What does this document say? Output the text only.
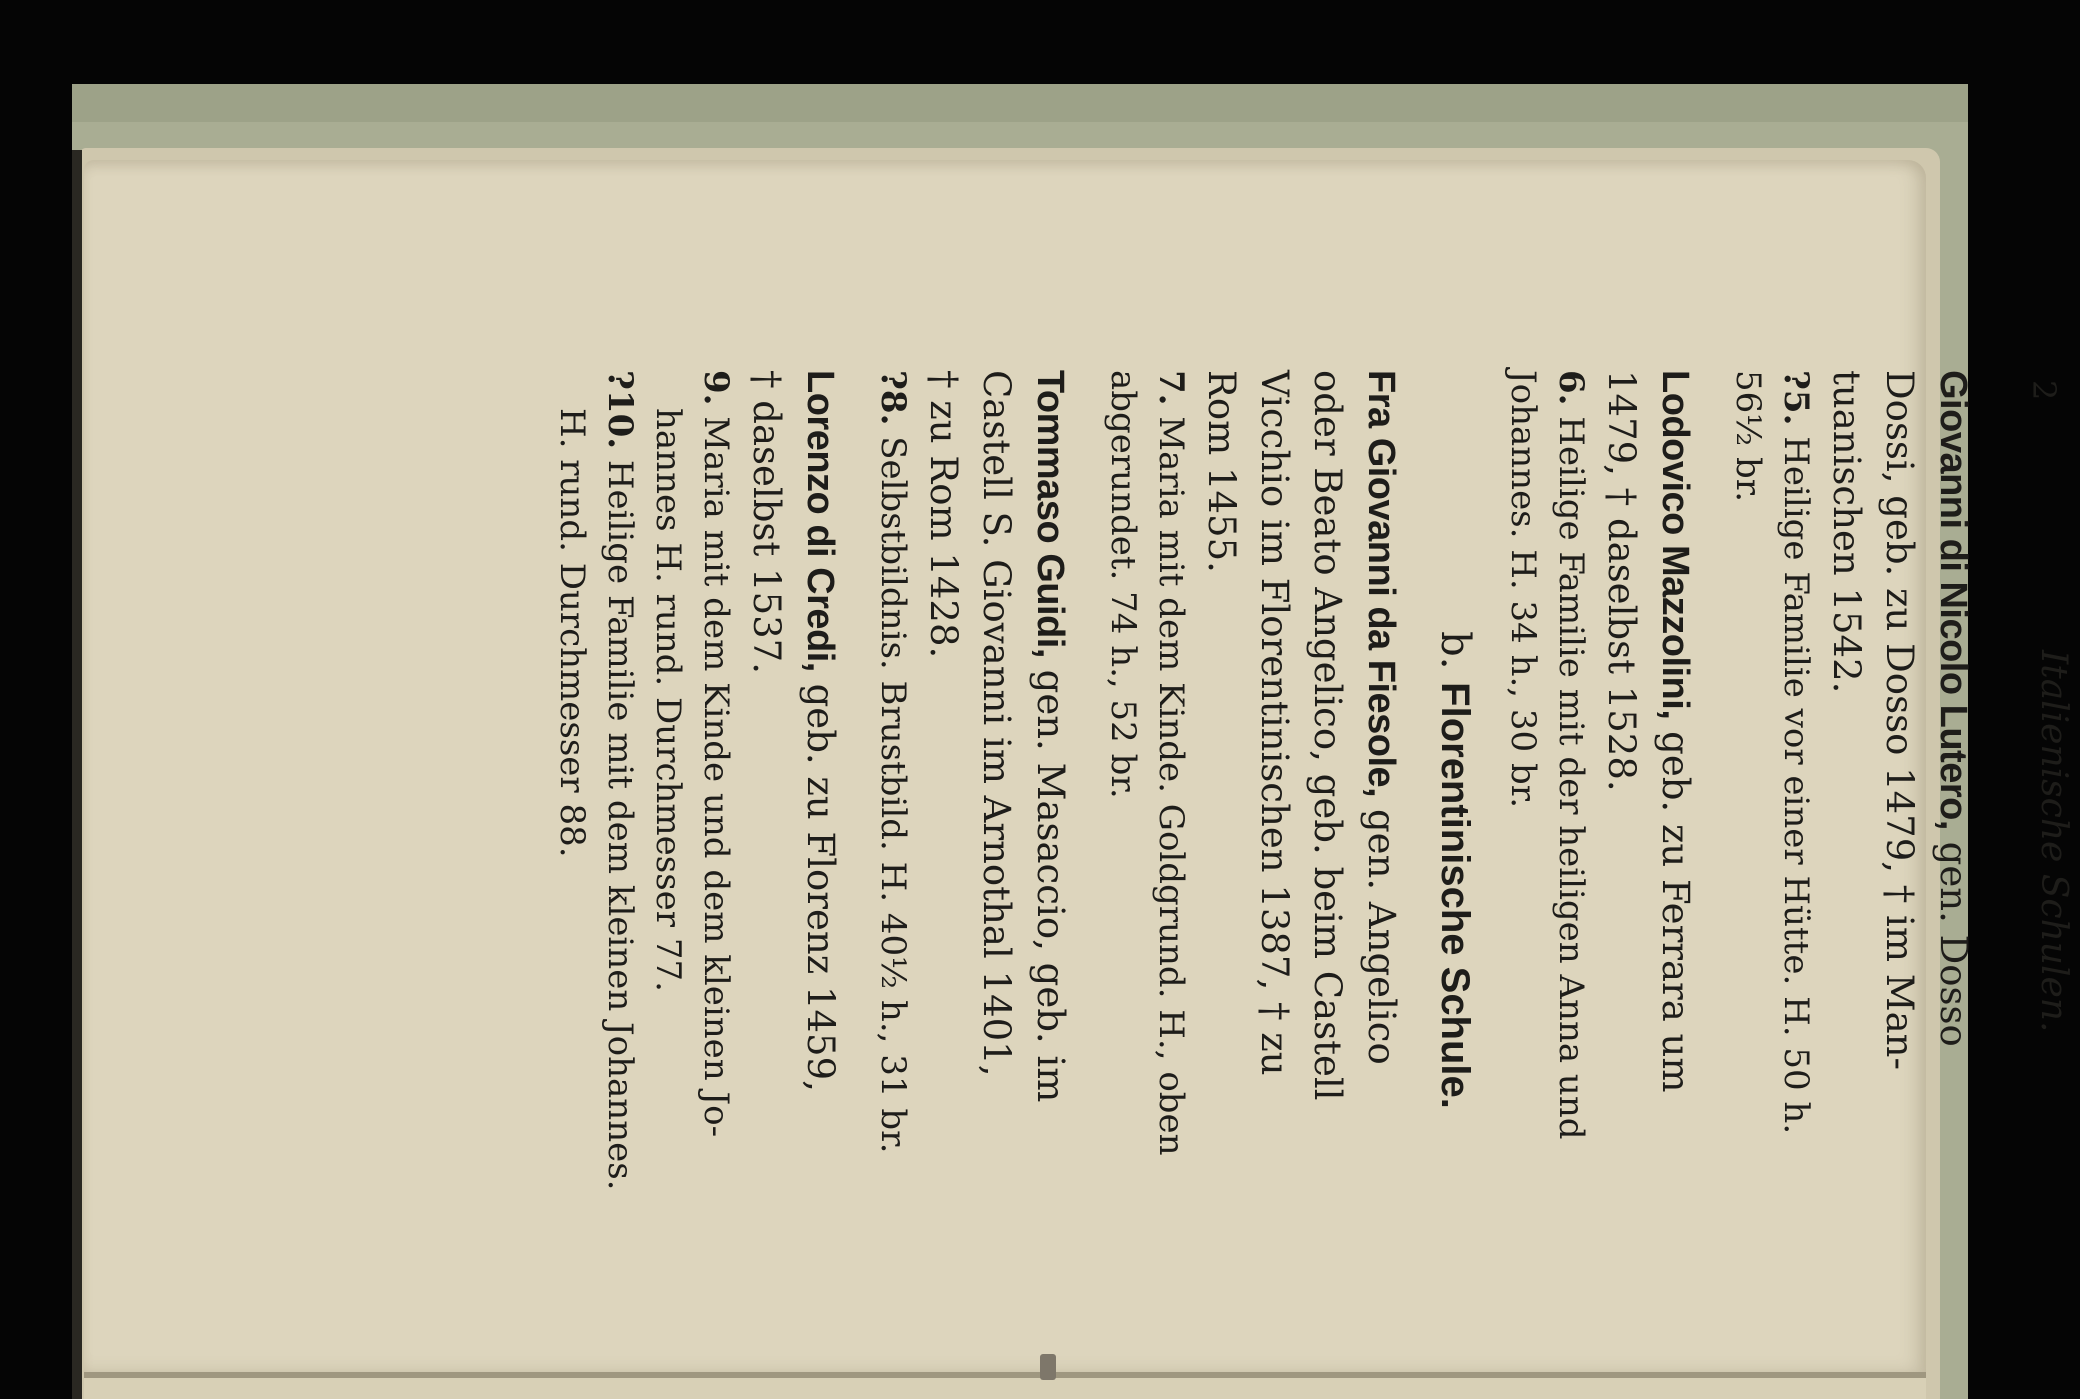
2
Italienische Schulen.
Giovanni di Nicolo Lutero, gen. Dosso
Dossi, geb. zu Dosso 1479, † im Man-
tuanischen 1542.
?5. Heilige Familie vor einer Hütte. H. 50 h.
56½ br.
Lodovico Mazzolini, geb. zu Ferrara um
1479, † daselbst 1528.
6. Heilige Familie mit der heiligen Anna und
Johannes. H. 34 h., 30 br.
b. Florentinische Schule.
Fra Giovanni da Fiesole, gen. Angelico
oder Beato Angelico, geb. beim Castell
Vicchio im Florentinischen 1387, † zu
Rom 1455.
7. Maria mit dem Kinde. Goldgrund. H., oben
abgerundet. 74 h., 52 br.
Tommaso Guidi, gen. Masaccio, geb. im
Castell S. Giovanni im Arnothal 1401,
† zu Rom 1428.
?8. Selbstbildnis. Brustbild. H. 40½ h., 31 br.
Lorenzo di Credi, geb. zu Florenz 1459,
† daselbst 1537.
9. Maria mit dem Kinde und dem kleinen Jo-
hannes H. rund. Durchmesser 77.
?10. Heilige Familie mit dem kleinen Johannes.
H. rund. Durchmesser 88.
